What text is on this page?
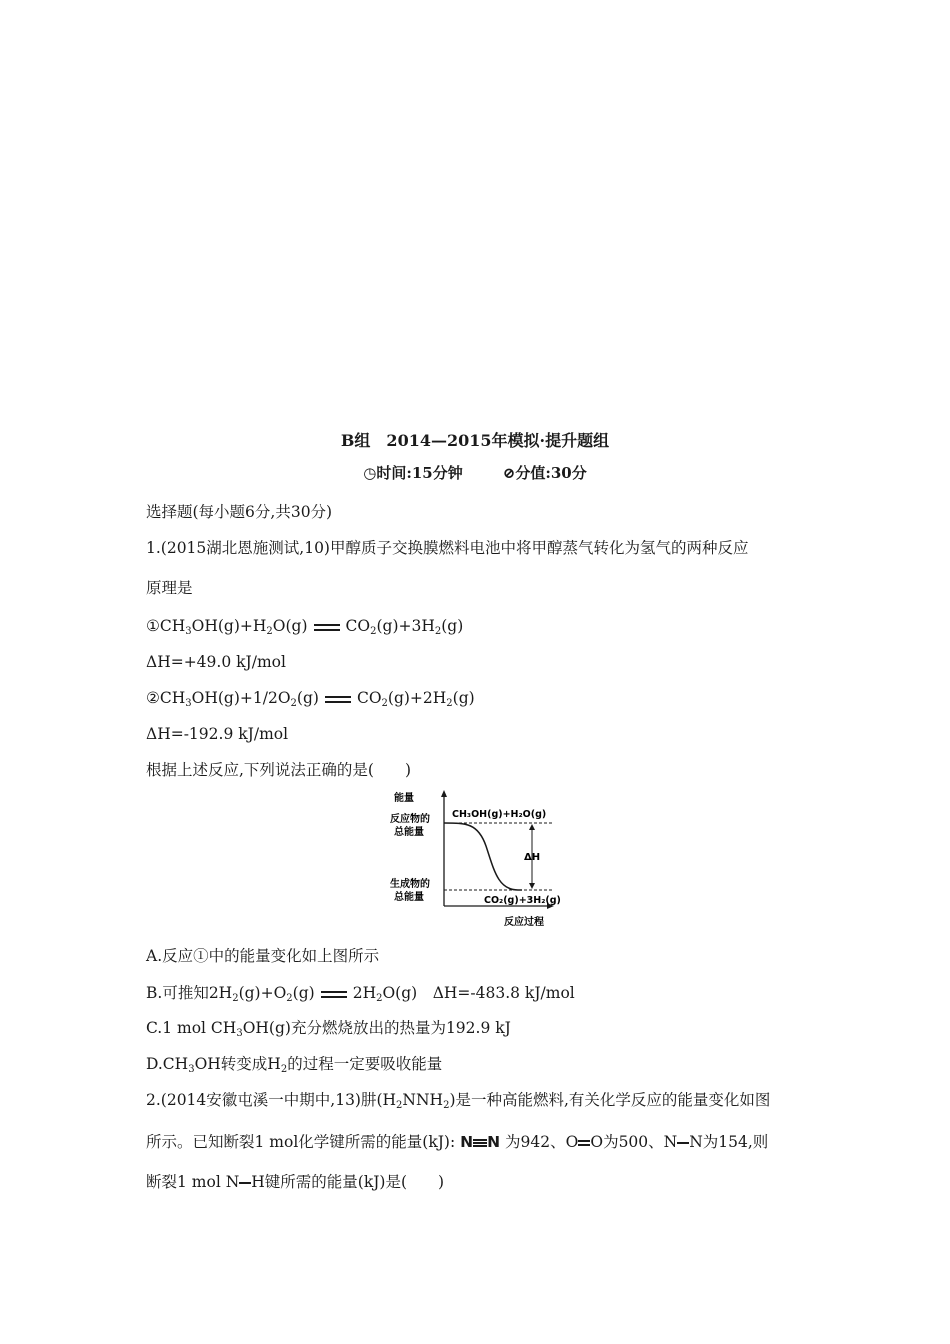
B组　2014—2015年模拟·提升题组
◷时间:15分钟	⊘分值:30分
选择题(每小题6分,共30分)
1.(2015湖北恩施测试,10)甲醇质子交换膜燃料电池中将甲醇蒸气转化为氢气的两种反应
原理是
$①CH_3OH(g)+H_2O(g)$ $CO_2(g)+3H_2(g)$
ΔH=+49.0 kJ/mol
$②CH_3OH(g)+1/2O_2(g)$ $CO_2(g)+2H_2(g)$
ΔH=-192.9 kJ/mol
根据上述反应,下列说法正确的是(　　)
能量
反应过程
反应物的
总能量
生成物的
总能量
ΔH
CH₃OH(g)+H₂O(g)
CO₂(g)+3H₂(g)
A.反应①中的能量变化如上图所示
B.可推知$2H_2(g)+O_2(g)$ $2H_2O(g)$　ΔH=-483.8 kJ/mol
C.1 mol $CH_3OH(g)$充分燃烧放出的热量为192.9 kJ
$D.CH_3OH$转变成$H_2$的过程一定要吸收能量
2.(2014安徽屯溪一中期中,13)肼$(H_2NNH_2)$是一种高能燃料,有关化学反应的能量变化如图
所示。已知断裂1 mol化学键所需的能量(kJ): N N 为942、O O为500、N N为154,则
断裂1 mol N H键所需的能量(kJ)是(　　)
